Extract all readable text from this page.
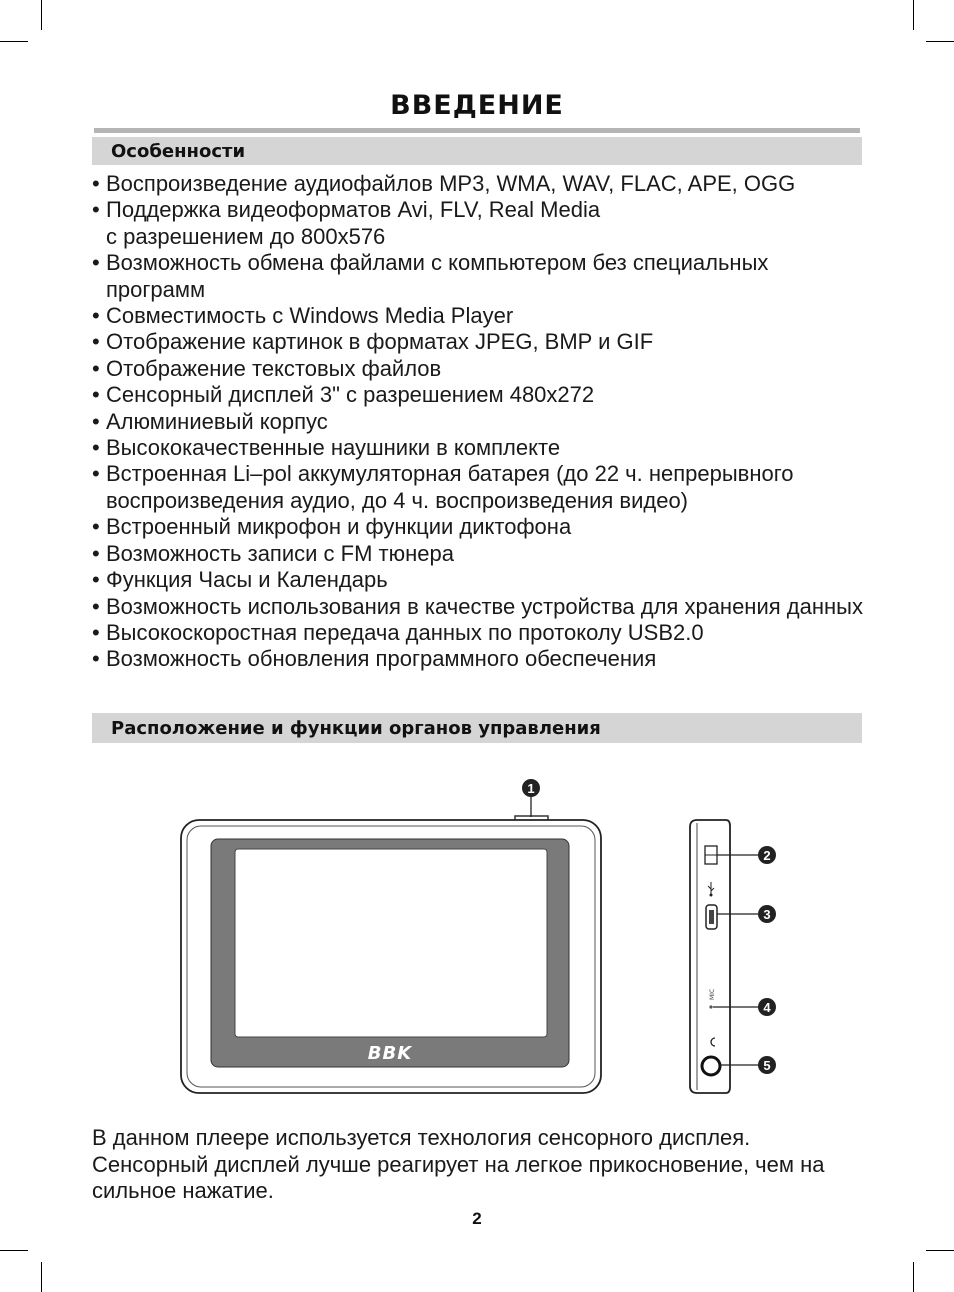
ВВЕДЕНИЕ
Особенности
• Воспроизведение аудиофайлов MP3, WMA, WAV, FLAC, APE, OGG
• Поддержка видеоформатов Avi, FLV, Real Media
с разрешением до 800x576
• Возможность обмена файлами с компьютером без специальных программ
• Совместимость с Windows Media Player
• Отображение картинок в форматах JPEG, BMP и GIF
• Отображение текстовых файлов
• Сенсорный дисплей 3" с разрешением 480x272
• Алюминиевый корпус
• Высококачественные наушники в комплекте
• Встроенная Li–pol аккумуляторная батарея (до 22 ч. непрерывного воспроизведения аудио, до 4 ч. воспроизведения видео)
• Встроенный микрофон и функции диктофона
• Возможность записи с FM тюнера
• Функция Часы и Календарь
• Возможность использования в качестве устройства для хранения данных
• Высокоскоростная передача данных по протоколу USB2.0
• Возможность обновления программного обеспечения
Расположение и функции органов управления
BBK
1
MIC
2
3
4
5
В данном плеере используется технология сенсорного дисплея. Сенсорный дисплей лучше реагирует на легкое прикосновение, чем на сильное нажатие.
2
